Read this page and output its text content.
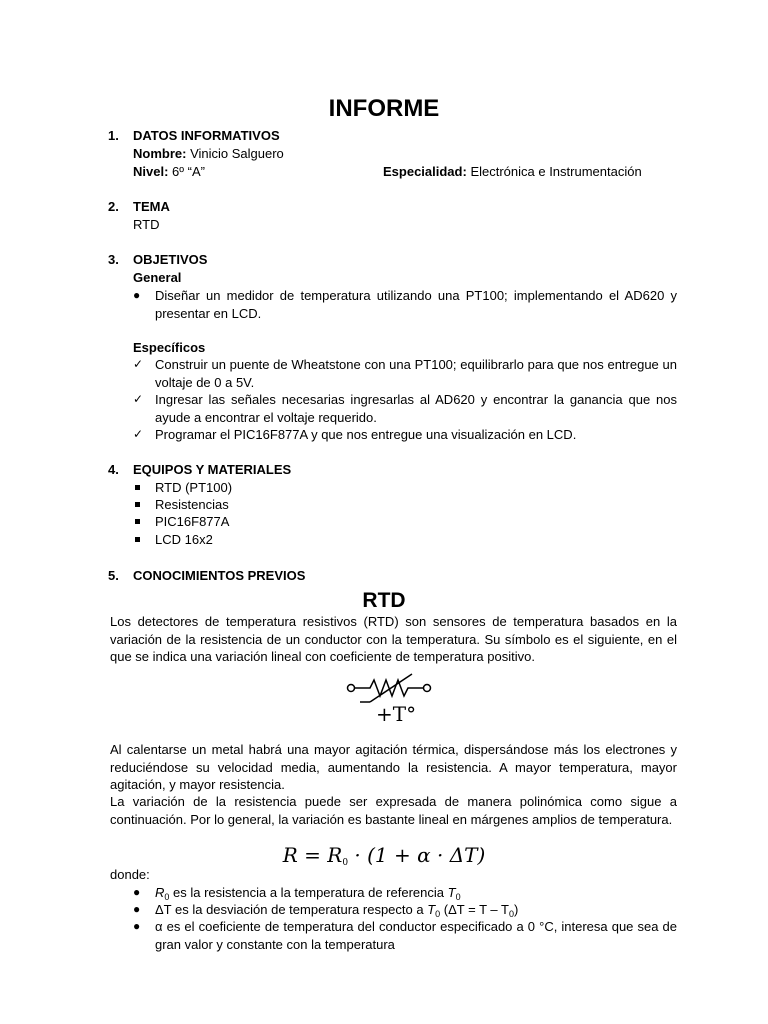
INFORME
1. DATOS INFORMATIVOS
Nombre: Vinicio Salguero
Nivel: 6º “A”	Especialidad: Electrónica e Instrumentación
2. TEMA
RTD
3. OBJETIVOS
General
● Diseñar un medidor de temperatura utilizando una PT100; implementando el AD620 y presentar en LCD.
Específicos
✓ Construir un puente de Wheatstone con una PT100; equilibrarlo para que nos entregue un voltaje de 0 a 5V.
✓ Ingresar las señales necesarias ingresarlas al AD620 y encontrar la ganancia que nos ayude a encontrar el voltaje requerido.
✓ Programar el PIC16F877A y que nos entregue una visualización en LCD.
4. EQUIPOS Y MATERIALES
RTD (PT100)
Resistencias
PIC16F877A
LCD 16x2
5. CONOCIMIENTOS PREVIOS
RTD
Los detectores de temperatura resistivos (RTD) son sensores de temperatura basados en la variación de la resistencia de un conductor con la temperatura. Su símbolo es el siguiente, en el que se indica una variación lineal con coeficiente de temperatura positivo.
+T°
Al calentarse un metal habrá una mayor agitación térmica, dispersándose más los electrones y reduciéndose su velocidad media, aumentando la resistencia. A mayor temperatura, mayor agitación, y mayor resistencia.
La variación de la resistencia puede ser expresada de manera polinómica como sigue a continuación. Por lo general, la variación es bastante lineal en márgenes amplios de temperatura.
$R = R_0 \cdot (1 + \alpha \cdot \Delta T)$
donde:
● $R_0$ es la resistencia a la temperatura de referencia $T_0$
● ΔT es la desviación de temperatura respecto a $T_0$ $(\Delta T = T - T_0)$
● α es el coeficiente de temperatura del conductor especificado a 0 °C, interesa que sea de gran valor y constante con la temperatura
